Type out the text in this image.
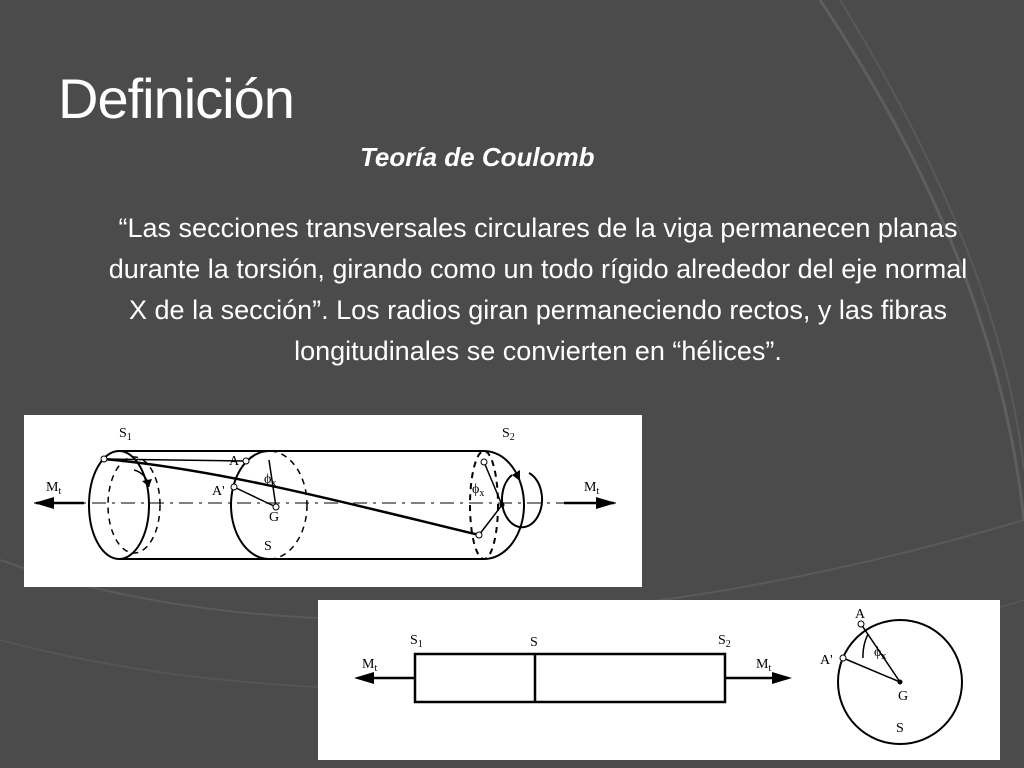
Definición
Teoría de Coulomb
“Las secciones transversales circulares de la viga permanecen planas durante la torsión, girando como un todo rígido alrededor del eje normal X de la sección”. Los radios giran permaneciendo rectos, y las fibras longitudinales se convierten en “hélices”.
$S_1$	$S_2$
A
A'
$\phi_x$	$\phi_x$
G
S
$M_t$	$M_t$
$S_1$	S	$S_2$
$M_t$	$M_t$
A
A'
$\phi_x$
G
S
